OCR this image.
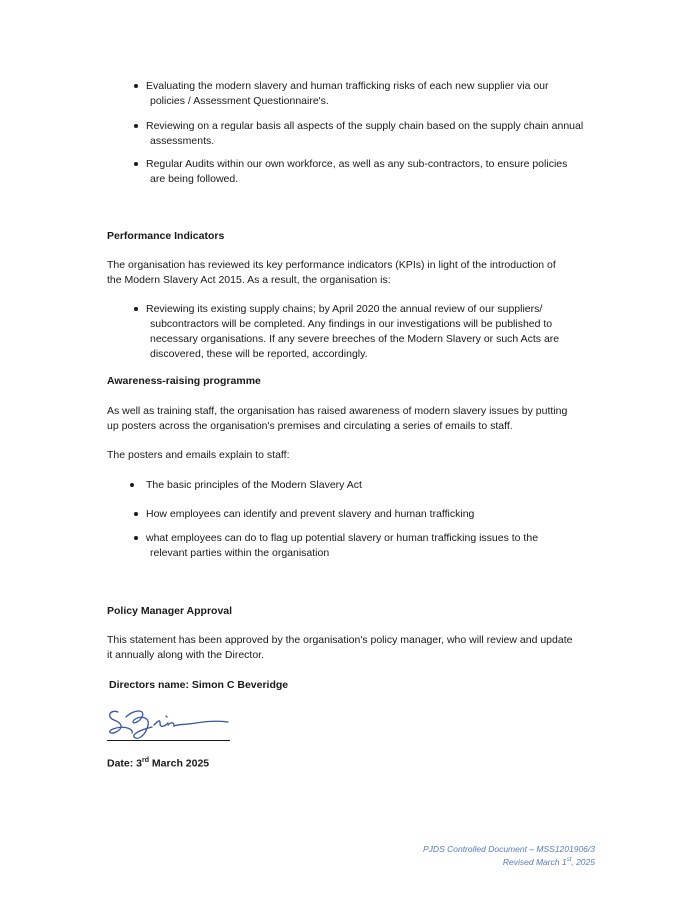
Evaluating the modern slavery and human trafficking risks of each new supplier via our
policies / Assessment Questionnaire's.
Reviewing on a regular basis all aspects of the supply chain based on the supply chain annual
assessments.
Regular Audits within our own workforce, as well as any sub-contractors, to ensure policies
are being followed.
Performance Indicators
The organisation has reviewed its key performance indicators (KPIs) in light of the introduction of
the Modern Slavery Act 2015. As a result, the organisation is:
Reviewing its existing supply chains; by April 2020 the annual review of our suppliers/
subcontractors will be completed. Any findings in our investigations will be published to
necessary organisations. If any severe breeches of the Modern Slavery or such Acts are
discovered, these will be reported, accordingly.
Awareness-raising programme
As well as training staff, the organisation has raised awareness of modern slavery issues by putting
up posters across the organisation's premises and circulating a series of emails to staff.
The posters and emails explain to staff:
The basic principles of the Modern Slavery Act
How employees can identify and prevent slavery and human trafficking
what employees can do to flag up potential slavery or human trafficking issues to the
relevant parties within the organisation
Policy Manager Approval
This statement has been approved by the organisation's policy manager, who will review and update
it annually along with the Director.
Directors name: Simon C Beveridge
Date: 3rd March 2025
PJDS Controlled Document – MSS1201906/3
Revised March 1st, 2025
